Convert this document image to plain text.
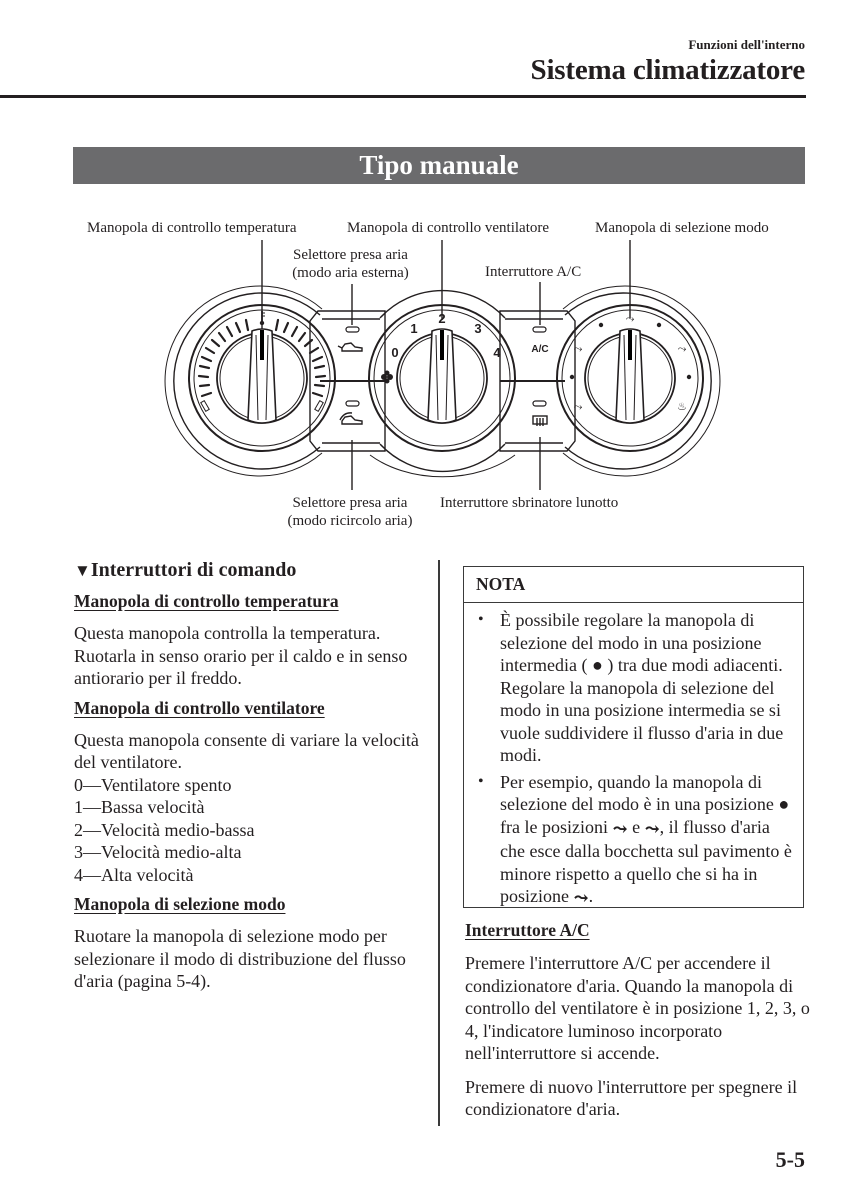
Funzioni dell'interno
Sistema climatizzatore
Tipo manuale
Manopola di controllo temperatura	Manopola di controllo ventilatore	Manopola di selezione modo
Selettore presa aria
(modo aria esterna)	Interruttore A/C
Selettore presa aria
(modo ricircolo aria)
Interruttore sbrinatore lunotto
0
1
2
3
4	A/C
⤳
⤳
⤳
⤳
♨
▼Interruttori di comando
Manopola di controllo temperatura
Questa manopola controlla la temperatura. Ruotarla in senso orario per il caldo e in senso antiorario per il freddo.
Manopola di controllo ventilatore
Questa manopola consente di variare la velocità del ventilatore.
0—Ventilatore spento
1—Bassa velocità
2—Velocità medio-bassa
3—Velocità medio-alta
4—Alta velocità
Manopola di selezione modo
Ruotare la manopola di selezione modo per selezionare il modo di distribuzione del flusso d'aria (pagina 5-4).
NOTA
• È possibile regolare la manopola di selezione del modo in una posizione intermedia ( ● ) tra due modi adiacenti. Regolare la manopola di selezione del modo in una posizione intermedia se si vuole suddividere il flusso d'aria in due modi.
• Per esempio, quando la manopola di selezione del modo è in una posizione ● fra le posizioni ⤳ e ⤳, il flusso d'aria che esce dalla bocchetta sul pavimento è minore rispetto a quello che si ha in posizione ⤳.
Interruttore A/C
Premere l'interruttore A/C per accendere il condizionatore d'aria. Quando la manopola di controllo del ventilatore è in posizione 1, 2, 3, o 4, l'indicatore luminoso incorporato nell'interruttore si accende.
Premere di nuovo l'interruttore per spegnere il condizionatore d'aria.
5-5
